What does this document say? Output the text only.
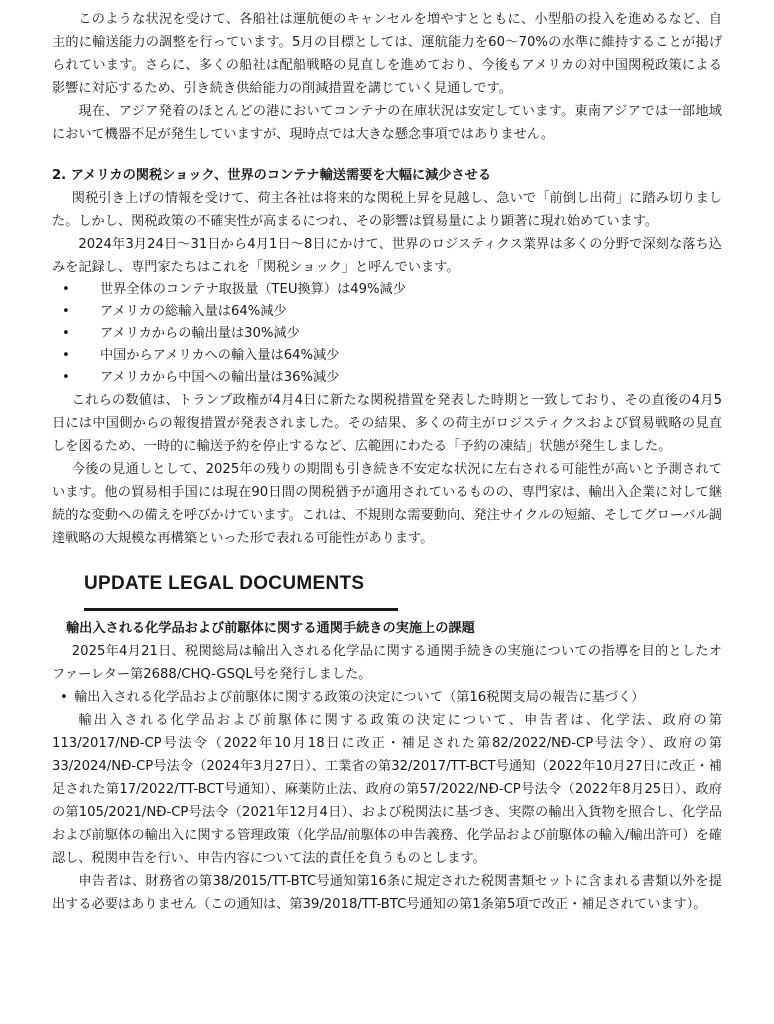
このような状況を受けて、各船社は運航便のキャンセルを増やすとともに、小型船の投入を進めるなど、自主的に輸送能力の調整を行っています。5月の目標としては、運航能力を60〜70%の水準に維持することが掲げられています。さらに、多くの船社は配船戦略の見直しを進めており、今後もアメリカの対中国関税政策による影響に対応するため、引き続き供給能力の削減措置を講じていく見通しです。

現在、アジア発着のほとんどの港においてコンテナの在庫状況は安定しています。東南アジアでは一部地域において機器不足が発生していますが、現時点では大きな懸念事項ではありません。

2. アメリカの関税ショック、世界のコンテナ輸送需要を大幅に減少させる

関税引き上げの情報を受けて、荷主各社は将来的な関税上昇を見越し、急いで「前倒し出荷」に踏み切りました。しかし、関税政策の不確実性が高まるにつれ、その影響は貿易量により顕著に現れ始めています。

2024年3月24日〜31日から4月1日〜8日にかけて、世界のロジスティクス業界は多くの分野で深刻な落ち込みを記録し、専門家たちはこれを「関税ショック」と呼んでいます。

• 世界全体のコンテナ取扱量（TEU換算）は49%減少
• アメリカの総輸入量は64%減少
• アメリカからの輸出量は30%減少
• 中国からアメリカへの輸入量は64%減少
• アメリカから中国への輸出量は36%減少

これらの数値は、トランプ政権が4月4日に新たな関税措置を発表した時期と一致しており、その直後の4月5日には中国側からの報復措置が発表されました。その結果、多くの荷主がロジスティクスおよび貿易戦略の見直しを図るため、一時的に輸送予約を停止するなど、広範囲にわたる「予約の凍結」状態が発生しました。

今後の見通しとして、2025年の残りの期間も引き続き不安定な状況に左右される可能性が高いと予測されています。他の貿易相手国には現在90日間の関税猶予が適用されているものの、専門家は、輸出入企業に対して継続的な変動への備えを呼びかけています。これは、不規則な需要動向、発注サイクルの短縮、そしてグローバル調達戦略の大規模な再構築といった形で表れる可能性があります。

UPDATE LEGAL DOCUMENTS
輸出入される化学品および前駆体に関する通関手続きの実施上の課題

2025年4月21日、税関総局は輸出入される化学品に関する通関手続きの実施についての指導を目的としたオファーレター第2688/CHQ-GSQL号を発行しました。

• 輸出入される化学品および前駆体に関する政策の決定について（第16税関支局の報告に基づく）

輸出入される化学品および前駆体に関する政策の決定について、申告者は、化学法、政府の第113/2017/NĐ-CP号法令（2022年10月18日に改正・補足された第82/2022/NĐ-CP号法令）、政府の第33/2024/NĐ-CP号法令（2024年3月27日）、工業省の第32/2017/TT-BCT号通知（2022年10月27日に改正・補足された第17/2022/TT-BCT号通知）、麻薬防止法、政府の第57/2022/NĐ-CP号法令（2022年8月25日）、政府の第105/2021/NĐ-CP号法令（2021年12月4日）、および税関法に基づき、実際の輸出入貨物を照合し、化学品および前駆体の輸出入に関する管理政策（化学品/前駆体の申告義務、化学品および前駆体の輸入/輸出許可）を確認し、税関申告を行い、申告内容について法的責任を負うものとします。

申告者は、財務省の第38/2015/TT-BTC号通知第16条に規定された税関書類セットに含まれる書類以外を提出する必要はありません（この通知は、第39/2018/TT-BTC号通知の第1条第5項で改正・補足されています）。
